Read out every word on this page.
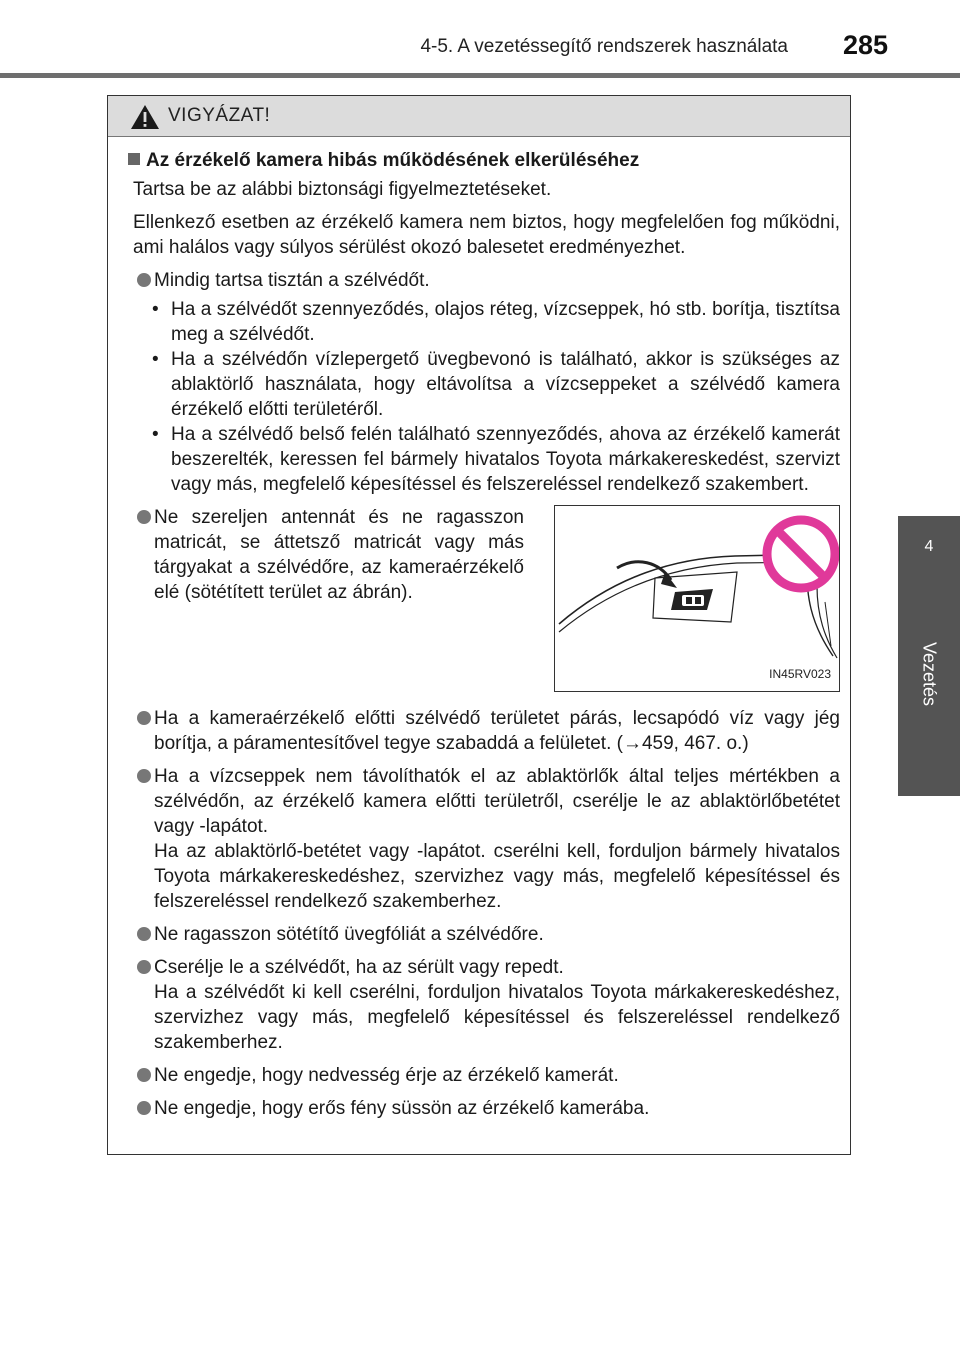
4-5. A vezetéssegítő rendszerek használata	285
4
Vezetés
VIGYÁZAT!
Az érzékelő kamera hibás működésének elkerüléséhez
Tartsa be az alábbi biztonsági figyelmeztetéseket.
Ellenkező esetben az érzékelő kamera nem biztos, hogy megfelelően fog működni, ami halálos vagy súlyos sérülést okozó balesetet eredményezhet.
Mindig tartsa tisztán a szélvédőt.
• Ha a szélvédőt szennyeződés, olajos réteg, vízcseppek, hó stb. borítja, tisztítsa meg a szélvédőt.
• Ha a szélvédőn vízlepergető üvegbevonó is található, akkor is szükséges az ablaktörlő használata, hogy eltávolítsa a vízcseppeket a szélvédő kamera érzékelő előtti területéről.
• Ha a szélvédő belső felén található szennyeződés, ahova az érzékelő kamerát beszerelték, keressen fel bármely hivatalos Toyota márkakereskedést, szervizt vagy más, megfelelő képesítéssel és felszereléssel rendelkező szakembert.
Ne szereljen antennát és ne ragasszon matricát, se áttetsző matricát vagy más tárgyakat a szélvédőre, az kameraérzékelő elé (sötétített terület az ábrán).
IN45RV023
Ha a kameraérzékelő előtti szélvédő területet párás, lecsapódó víz vagy jég borítja, a páramentesítővel tegye szabaddá a felületet. (→459, 467. o.)
Ha a vízcseppek nem távolíthatók el az ablaktörlők által teljes mértékben a szélvédőn, az érzékelő kamera előtti területről, cserélje le az ablaktörlőbetétet vagy -lapátot.
Ha az ablaktörlő-betétet vagy -lapátot. cserélni kell, forduljon bármely hivatalos Toyota márkakereskedéshez, szervizhez vagy más, megfelelő képesítéssel és felszereléssel rendelkező szakemberhez.
Ne ragasszon sötétítő üvegfóliát a szélvédőre.
Cserélje le a szélvédőt, ha az sérült vagy repedt.
Ha a szélvédőt ki kell cserélni, forduljon hivatalos Toyota márkakereskedéshez, szervizhez vagy más, megfelelő képesítéssel és felszereléssel rendelkező szakemberhez.
Ne engedje, hogy nedvesség érje az érzékelő kamerát.
Ne engedje, hogy erős fény süssön az érzékelő kamerába.
